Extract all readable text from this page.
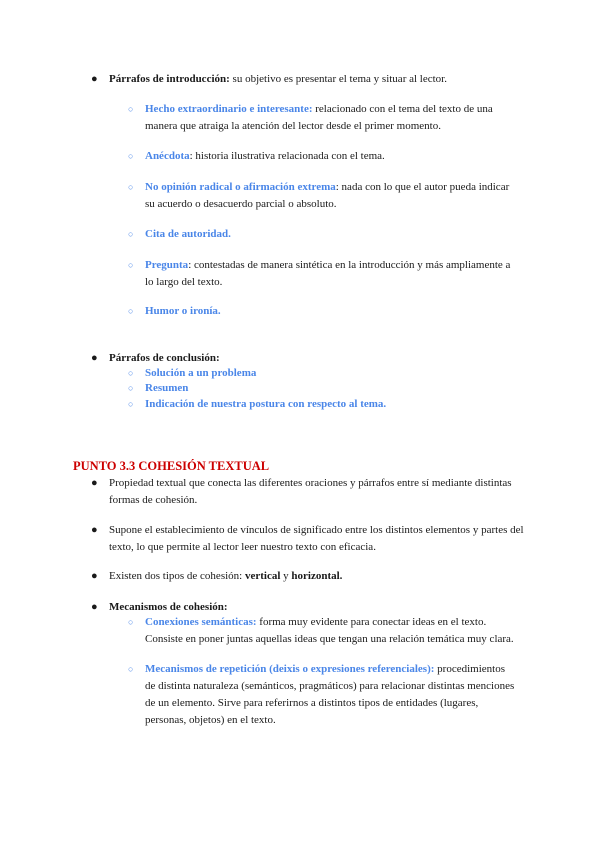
● Párrafos de introducción: su objetivo es presentar el tema y situar al lector.
○ Hecho extraordinario e interesante: relacionado con el tema del texto de una manera que atraiga la atención del lector desde el primer momento.
○ Anécdota: historia ilustrativa relacionada con el tema.
○ No opinión radical o afirmación extrema: nada con lo que el autor pueda indicar su acuerdo o desacuerdo parcial o absoluto.
○ Cita de autoridad.
○ Pregunta: contestadas de manera sintética en la introducción y más ampliamente a lo largo del texto.
○ Humor o ironía.
● Párrafos de conclusión:
○ Solución a un problema
○ Resumen
○ Indicación de nuestra postura con respecto al tema.
PUNTO 3.3 COHESIÓN TEXTUAL
● Propiedad textual que conecta las diferentes oraciones y párrafos entre sí mediante distintas formas de cohesión.
● Supone el establecimiento de vínculos de significado entre los distintos elementos y partes del texto, lo que permite al lector leer nuestro texto con eficacia.
● Existen dos tipos de cohesión: vertical y horizontal.
● Mecanismos de cohesión:
○ Conexiones semánticas: forma muy evidente para conectar ideas en el texto. Consiste en poner juntas aquellas ideas que tengan una relación temática muy clara.
○ Mecanismos de repetición (deixis o expresiones referenciales): procedimientos de distinta naturaleza (semánticos, pragmáticos) para relacionar distintas menciones de un elemento. Sirve para referirnos a distintos tipos de entidades (lugares, personas, objetos) en el texto.
